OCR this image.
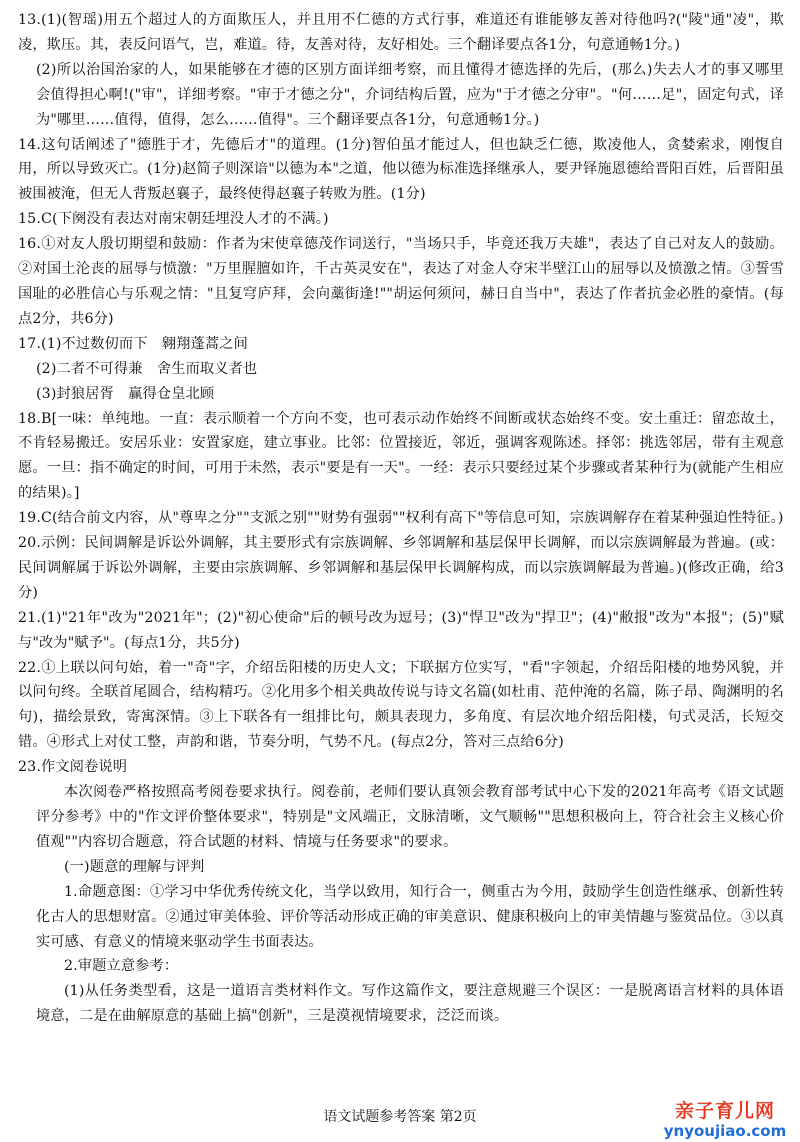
13.(1)(智瑶)用五个超过人的方面欺压人，并且用不仁德的方式行事，难道还有谁能够友善对待他吗?("陵"通"凌"，欺凌，欺压。其，表反问语气，岂，难道。待，友善对待，友好相处。三个翻译要点各1分，句意通畅1分。)

(2)所以治国治家的人，如果能够在才德的区别方面详细考察，而且懂得才德选择的先后，(那么)失去人才的事又哪里会值得担心啊!("审"，详细考察。"审于才德之分"，介词结构后置，应为"于才德之分审"。"何……足"，固定句式，译为"哪里……值得，值得，怎么……值得"。三个翻译要点各1分，句意通畅1分。)

14.这句话阐述了"德胜于才，先德后才"的道理。(1分)智伯虽才能过人，但也缺乏仁德，欺凌他人，贪婪索求，刚愎自用，所以导致灭亡。(1分)赵简子则深谙"以德为本"之道，他以德为标准选择继承人，要尹铎施恩德给晋阳百姓，后晋阳虽被围被淹，但无人背叛赵襄子，最终使得赵襄子转败为胜。(1分)

15.C(下阕没有表达对南宋朝廷埋没人才的不满。)

16.①对友人殷切期望和鼓励：作者为宋使章德茂作词送行，"当场只手，毕竟还我万夫雄"，表达了自己对友人的鼓励。②对国土沦丧的屈辱与愤激："万里腥膻如许，千古英灵安在"，表达了对金人夺宋半壁江山的屈辱以及愤激之情。③誓雪国耻的必胜信心与乐观之情："且复穹庐拜，会向藁街逢!""胡运何须问，赫日自当中"，表达了作者抗金必胜的豪情。(每点2分，共6分)

17.(1)不过数仞而下　翱翔蓬蒿之间

(2)二者不可得兼　舍生而取义者也

(3)封狼居胥　赢得仓皇北顾

18.B[一味：单纯地。一直：表示顺着一个方向不变，也可表示动作始终不间断或状态始终不变。安土重迁：留恋故土，不肯轻易搬迁。安居乐业：安置家庭，建立事业。比邻：位置接近，邻近，强调客观陈述。择邻：挑选邻居，带有主观意愿。一旦：指不确定的时间，可用于未然，表示"要是有一天"。一经：表示只要经过某个步骤或者某种行为(就能产生相应的结果)。]

19.C(结合前文内容，从"尊卑之分""支派之别""财势有强弱""权利有高下"等信息可知，宗族调解存在着某种强迫性特征。)

20.示例：民间调解是诉讼外调解，其主要形式有宗族调解、乡邻调解和基层保甲长调解，而以宗族调解最为普遍。(或：民间调解属于诉讼外调解，主要由宗族调解、乡邻调解和基层保甲长调解构成，而以宗族调解最为普遍。)(修改正确，给3分)

21.(1)"21年"改为"2021年"；(2)"初心使命"后的顿号改为逗号；(3)"悍卫"改为"捍卫"；(4)"敝报"改为"本报"；(5)"赋与"改为"赋予"。(每点1分，共5分)

22.①上联以问句始，着一"奇"字，介绍岳阳楼的历史人文；下联据方位实写，"看"字领起，介绍岳阳楼的地势风貌，并以问句终。全联首尾圆合，结构精巧。②化用多个相关典故传说与诗文名篇(如杜甫、范仲淹的名篇，陈子昂、陶渊明的名句)，描绘景致，寄寓深情。③上下联各有一组排比句，颇具表现力，多角度、有层次地介绍岳阳楼，句式灵活，长短交错。④形式上对仗工整，声韵和谐，节奏分明，气势不凡。(每点2分，答对三点给6分)

23.作文阅卷说明

本次阅卷严格按照高考阅卷要求执行。阅卷前，老师们要认真领会教育部考试中心下发的2021年高考《语文试题评分参考》中的"作文评价整体要求"，特别是"文风端正，文脉清晰，文气顺畅""思想积极向上，符合社会主义核心价值观""内容切合题意，符合试题的材料、情境与任务要求"的要求。

(一)题意的理解与评判

1.命题意图：①学习中华优秀传统文化，当学以致用，知行合一，侧重古为今用，鼓励学生创造性继承、创新性转化古人的思想财富。②通过审美体验、评价等活动形成正确的审美意识、健康积极向上的审美情趣与鉴赏品位。③以真实可感、有意义的情境来驱动学生书面表达。

2.审题立意参考：

(1)从任务类型看，这是一道语言类材料作文。写作这篇作文，要注意规避三个误区：一是脱离语言材料的具体语境意，二是在曲解原意的基础上搞"创新"，三是漠视情境要求，泛泛而谈。

语文试题参考答案 第2页	亲子育儿网
ynyoujiao.com
